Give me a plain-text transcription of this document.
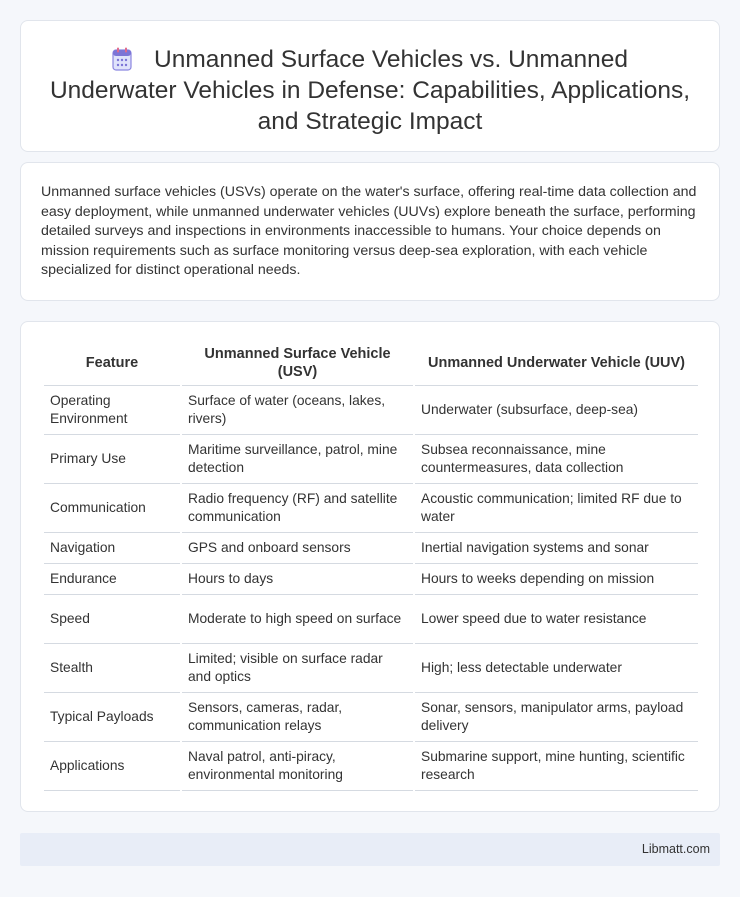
Unmanned Surface Vehicles vs. Unmanned Underwater Vehicles in Defense: Capabilities, Applications, and Strategic Impact

Unmanned surface vehicles (USVs) operate on the water's surface, offering real-time data collection and easy deployment, while unmanned underwater vehicles (UUVs) explore beneath the surface, performing detailed surveys and inspections in environments inaccessible to humans. Your choice depends on mission requirements such as surface monitoring versus deep-sea exploration, with each vehicle specialized for distinct operational needs.

Feature	Unmanned Surface Vehicle (USV)	Unmanned Underwater Vehicle (UUV)
Operating Environment	Surface of water (oceans, lakes, rivers)	Underwater (subsurface, deep-sea)
Primary Use	Maritime surveillance, patrol, mine detection	Subsea reconnaissance, mine countermeasures, data collection
Communication	Radio frequency (RF) and satellite communication	Acoustic communication; limited RF due to water
Navigation	GPS and onboard sensors	Inertial navigation systems and sonar
Endurance	Hours to days	Hours to weeks depending on mission
Speed	Moderate to high speed on surface	Lower speed due to water resistance
Stealth	Limited; visible on surface radar and optics	High; less detectable underwater
Typical Payloads	Sensors, cameras, radar, communication relays	Sonar, sensors, manipulator arms, payload delivery
Applications	Naval patrol, anti-piracy, environmental monitoring	Submarine support, mine hunting, scientific research
Libmatt.com
